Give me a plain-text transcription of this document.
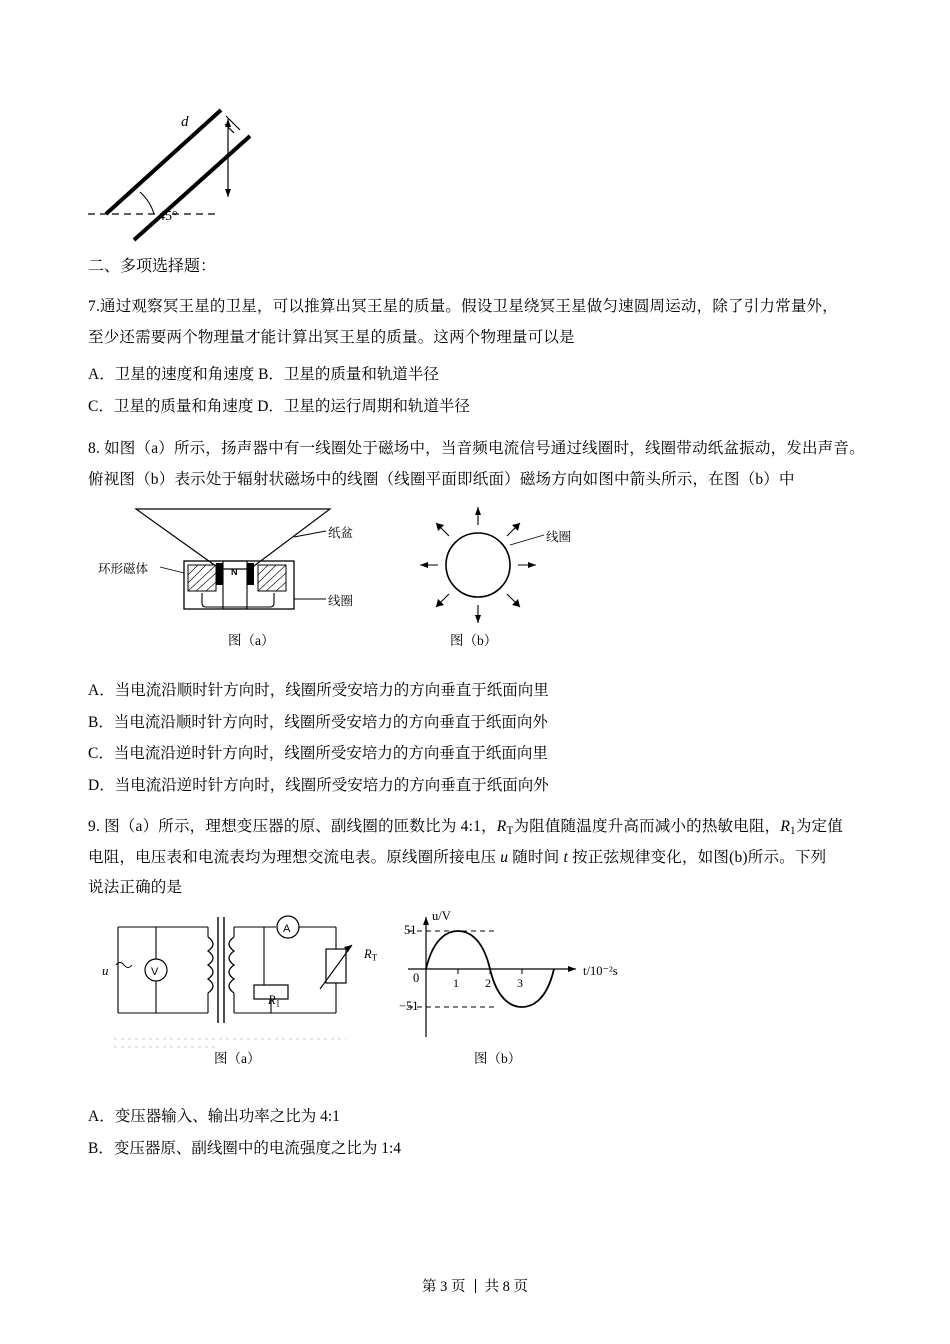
d
45°

二、多项选择题：

7.通过观察冥王星的卫星，可以推算出冥王星的质量。假设卫星绕冥王星做匀速圆周运动，除了引力常量外，

至少还需要两个物理量才能计算出冥王星的质量。这两个物理量可以是

A．卫星的速度和角速度 B．卫星的质量和轨道半径

C．卫星的质量和角速度 D．卫星的运行周期和轨道半径

8. 如图（a）所示，扬声器中有一线圈处于磁场中，当音频电流信号通过线圈时，线圈带动纸盆振动，发出声音。

俯视图（b）表示处于辐射状磁场中的线圈（线圈平面即纸面）磁场方向如图中箭头所示，在图（b）中

S N S
纸盆
线圈
环形磁体
线圈
图（a）	图（b）

A．当电流沿顺时针方向时，线圈所受安培力的方向垂直于纸面向里

B．当电流沿顺时针方向时，线圈所受安培力的方向垂直于纸面向外

C．当电流沿逆时针方向时，线圈所受安培力的方向垂直于纸面向里

D．当电流沿逆时针方向时，线圈所受安培力的方向垂直于纸面向外

9. 图（a）所示，理想变压器的原、副线圈的匝数比为 4:1，$R_T$为阻值随温度升高而减小的热敏电阻，$R_1$为定值

电阻，电压表和电流表均为理想交流电表。原线圈所接电压 u 随时间 t 按正弦规律变化，如图(b)所示。下列

说法正确的是

u	V
A
1 2 3
$R_T$
$R_1$
u/V
t/10⁻²s
51
−51
0
图（a）	图（b）

A．变压器输入、输出功率之比为 4:1

B．变压器原、副线圈中的电流强度之比为 1:4

第 3 页 共 8 页
